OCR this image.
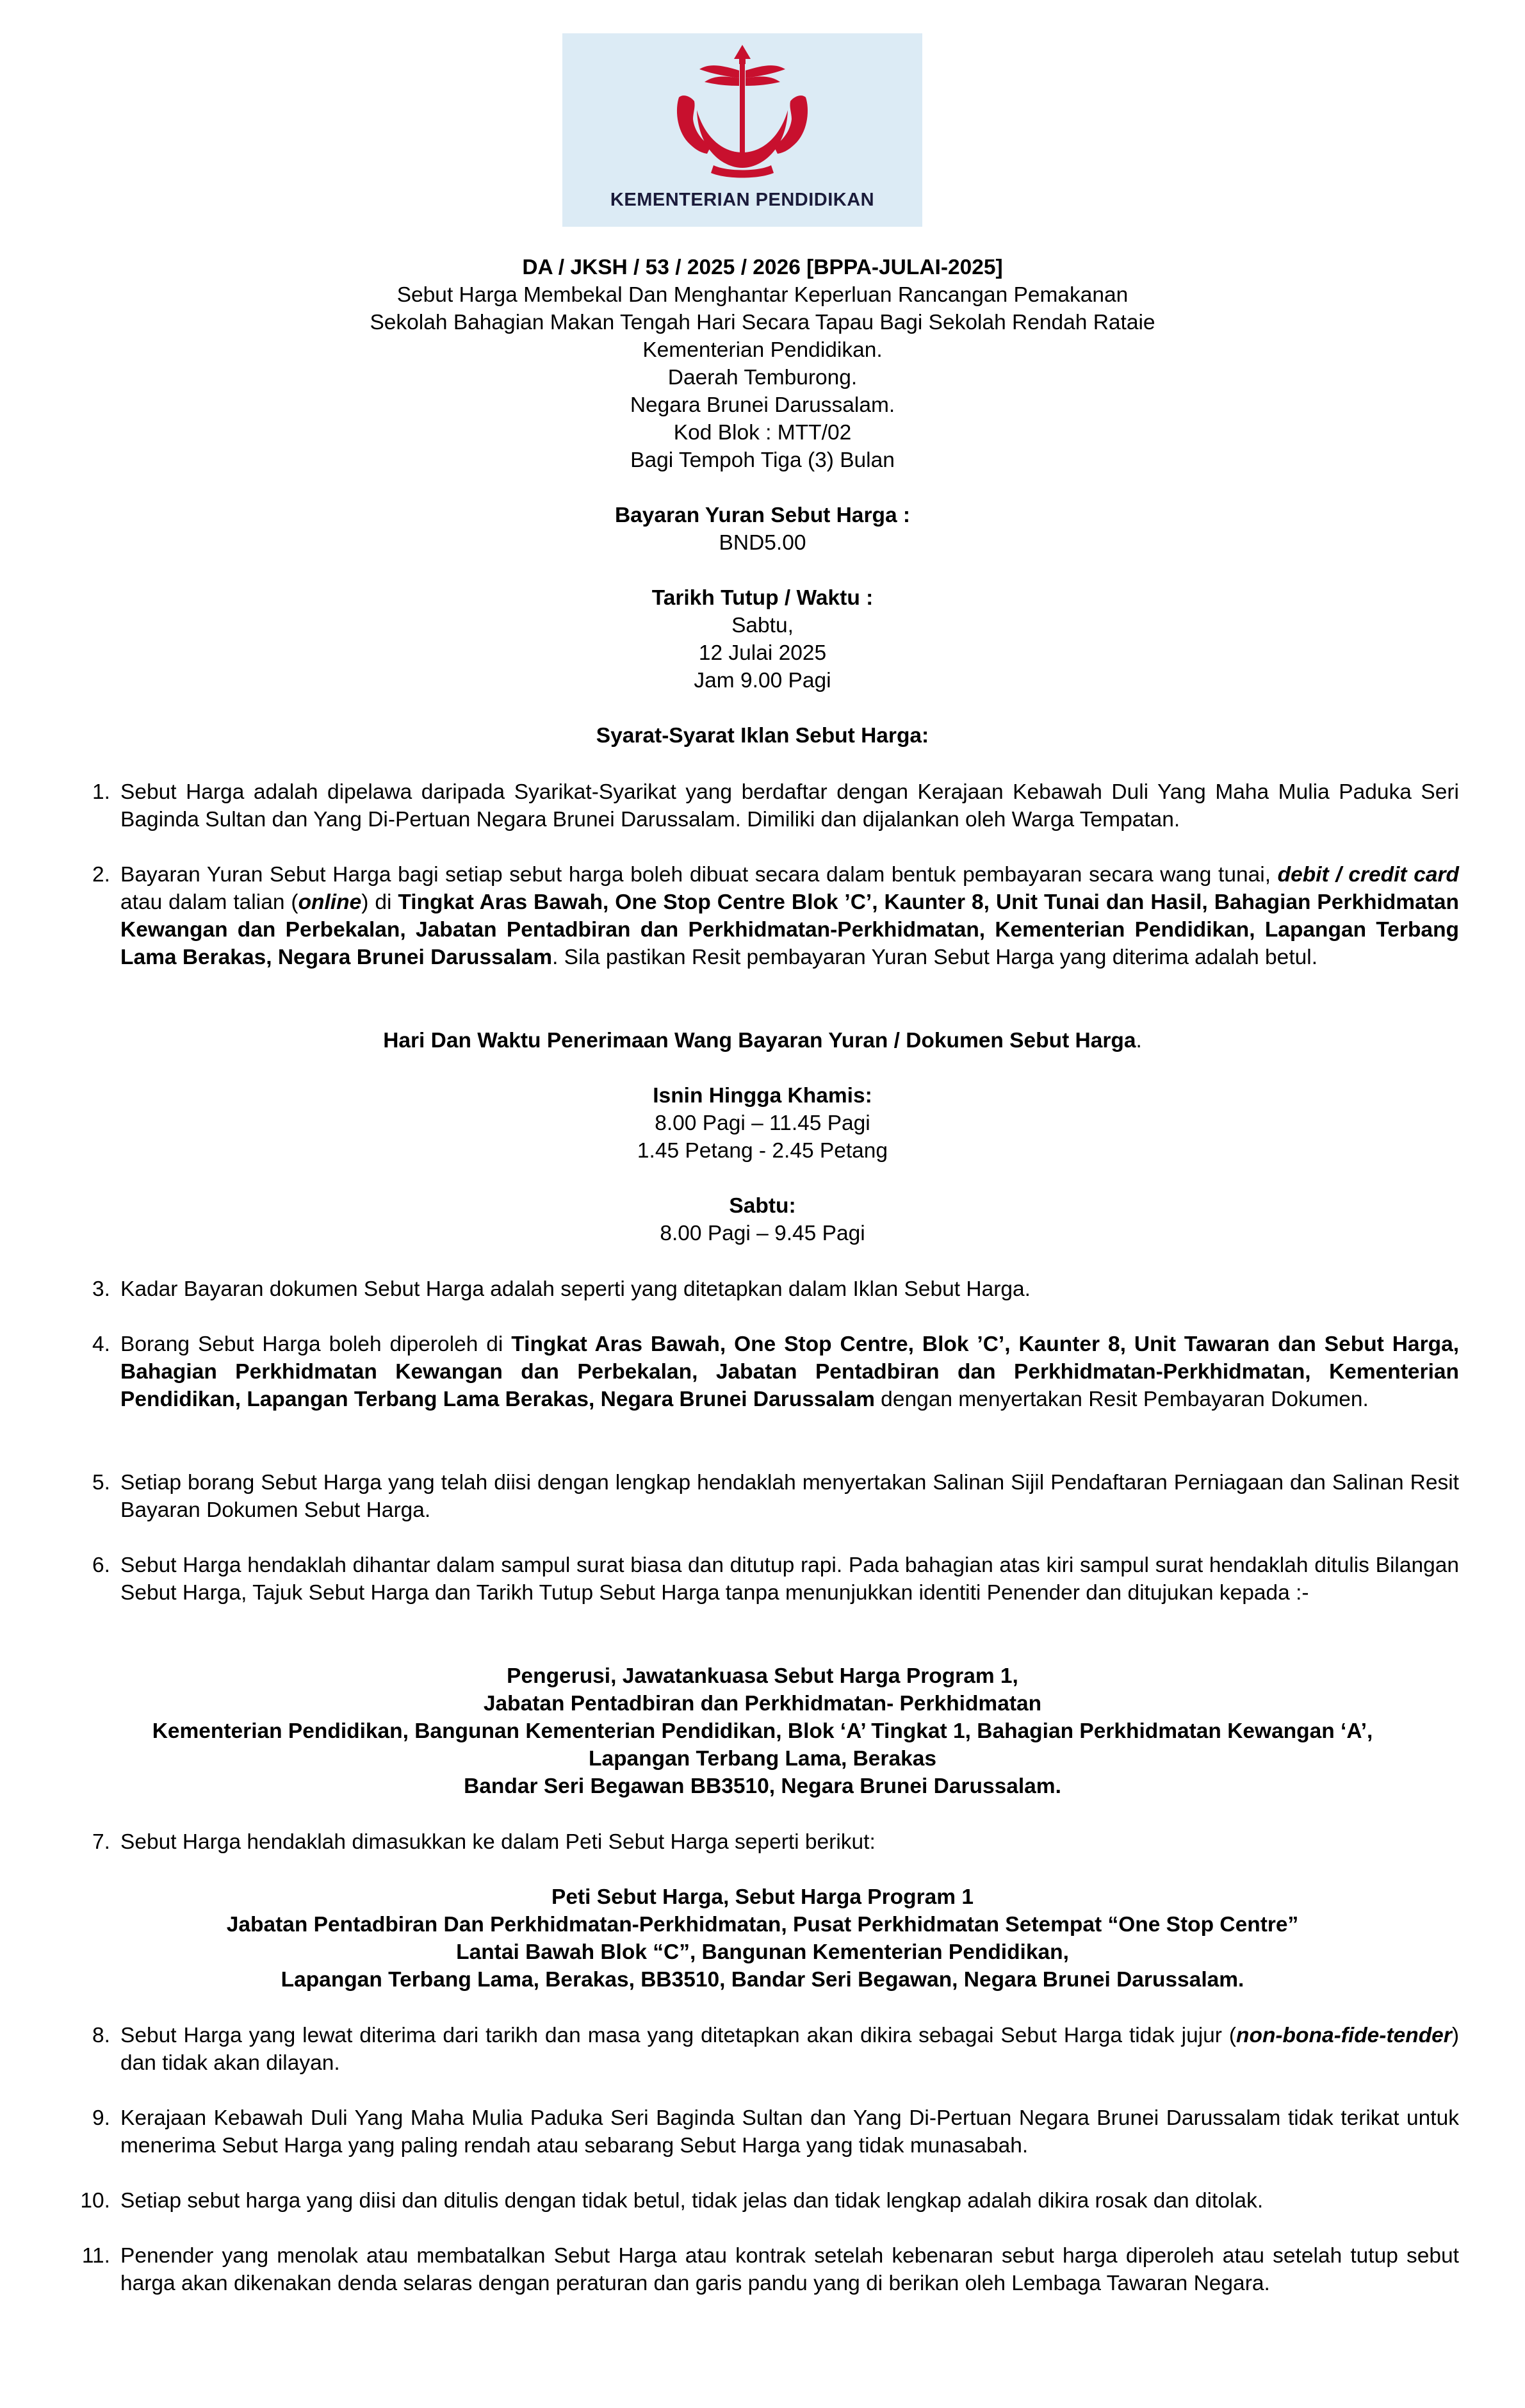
KEMENTERIAN PENDIDIKAN
DA / JKSH / 53 / 2025 / 2026 [BPPA-JULAI-2025]
Sebut Harga Membekal Dan Menghantar Keperluan Rancangan Pemakanan
Sekolah Bahagian Makan Tengah Hari Secara Tapau Bagi Sekolah Rendah Rataie
Kementerian Pendidikan.
Daerah Temburong.
Negara Brunei Darussalam.
Kod Blok : MTT/02
Bagi Tempoh Tiga (3) Bulan
Bayaran Yuran Sebut Harga :
BND5.00
Tarikh Tutup / Waktu :
Sabtu,
12 Julai 2025
Jam 9.00 Pagi
Syarat-Syarat Iklan Sebut Harga:
1. Sebut Harga adalah dipelawa daripada Syarikat-Syarikat yang berdaftar dengan Kerajaan Kebawah Duli Yang Maha Mulia Paduka Seri Baginda Sultan dan Yang Di-Pertuan Negara Brunei Darussalam. Dimiliki dan dijalankan oleh Warga Tempatan.
2. Bayaran Yuran Sebut Harga bagi setiap sebut harga boleh dibuat secara dalam bentuk pembayaran secara wang tunai, debit / credit card atau dalam talian (online) di Tingkat Aras Bawah, One Stop Centre Blok ’C’, Kaunter 8, Unit Tunai dan Hasil, Bahagian Perkhidmatan Kewangan dan Perbekalan, Jabatan Pentadbiran dan Perkhidmatan-Perkhidmatan, Kementerian Pendidikan, Lapangan Terbang Lama Berakas, Negara Brunei Darussalam. Sila pastikan Resit pembayaran Yuran Sebut Harga yang diterima adalah betul.
Hari Dan Waktu Penerimaan Wang Bayaran Yuran / Dokumen Sebut Harga.
Isnin Hingga Khamis:
8.00 Pagi – 11.45 Pagi
1.45 Petang - 2.45 Petang
Sabtu:
8.00 Pagi – 9.45 Pagi
3. Kadar Bayaran dokumen Sebut Harga adalah seperti yang ditetapkan dalam Iklan Sebut Harga.
4. Borang Sebut Harga boleh diperoleh di Tingkat Aras Bawah, One Stop Centre, Blok ’C’, Kaunter 8, Unit Tawaran dan Sebut Harga, Bahagian Perkhidmatan Kewangan dan Perbekalan, Jabatan Pentadbiran dan Perkhidmatan-Perkhidmatan, Kementerian Pendidikan, Lapangan Terbang Lama Berakas, Negara Brunei Darussalam dengan menyertakan Resit Pembayaran Dokumen.
5. Setiap borang Sebut Harga yang telah diisi dengan lengkap hendaklah menyertakan Salinan Sijil Pendaftaran Perniagaan dan Salinan Resit Bayaran Dokumen Sebut Harga.
6. Sebut Harga hendaklah dihantar dalam sampul surat biasa dan ditutup rapi. Pada bahagian atas kiri sampul surat hendaklah ditulis Bilangan Sebut Harga, Tajuk Sebut Harga dan Tarikh Tutup Sebut Harga tanpa menunjukkan identiti Penender dan ditujukan kepada :-
Pengerusi, Jawatankuasa Sebut Harga Program 1,
Jabatan Pentadbiran dan Perkhidmatan- Perkhidmatan
Kementerian Pendidikan, Bangunan Kementerian Pendidikan, Blok ‘A’ Tingkat 1, Bahagian Perkhidmatan Kewangan ‘A’,
Lapangan Terbang Lama, Berakas
Bandar Seri Begawan BB3510, Negara Brunei Darussalam.
7. Sebut Harga hendaklah dimasukkan ke dalam Peti Sebut Harga seperti berikut:
Peti Sebut Harga, Sebut Harga Program 1
Jabatan Pentadbiran Dan Perkhidmatan-Perkhidmatan, Pusat Perkhidmatan Setempat “One Stop Centre”
Lantai Bawah Blok “C”, Bangunan Kementerian Pendidikan,
Lapangan Terbang Lama, Berakas, BB3510, Bandar Seri Begawan, Negara Brunei Darussalam.
8. Sebut Harga yang lewat diterima dari tarikh dan masa yang ditetapkan akan dikira sebagai Sebut Harga tidak jujur (non-bona-fide-tender) dan tidak akan dilayan.
9. Kerajaan Kebawah Duli Yang Maha Mulia Paduka Seri Baginda Sultan dan Yang Di-Pertuan Negara Brunei Darussalam tidak terikat untuk menerima Sebut Harga yang paling rendah atau sebarang Sebut Harga yang tidak munasabah.
10. Setiap sebut harga yang diisi dan ditulis dengan tidak betul, tidak jelas dan tidak lengkap adalah dikira rosak dan ditolak.
11. Penender yang menolak atau membatalkan Sebut Harga atau kontrak setelah kebenaran sebut harga diperoleh atau setelah tutup sebut harga akan dikenakan denda selaras dengan peraturan dan garis pandu yang di berikan oleh Lembaga Tawaran Negara.
